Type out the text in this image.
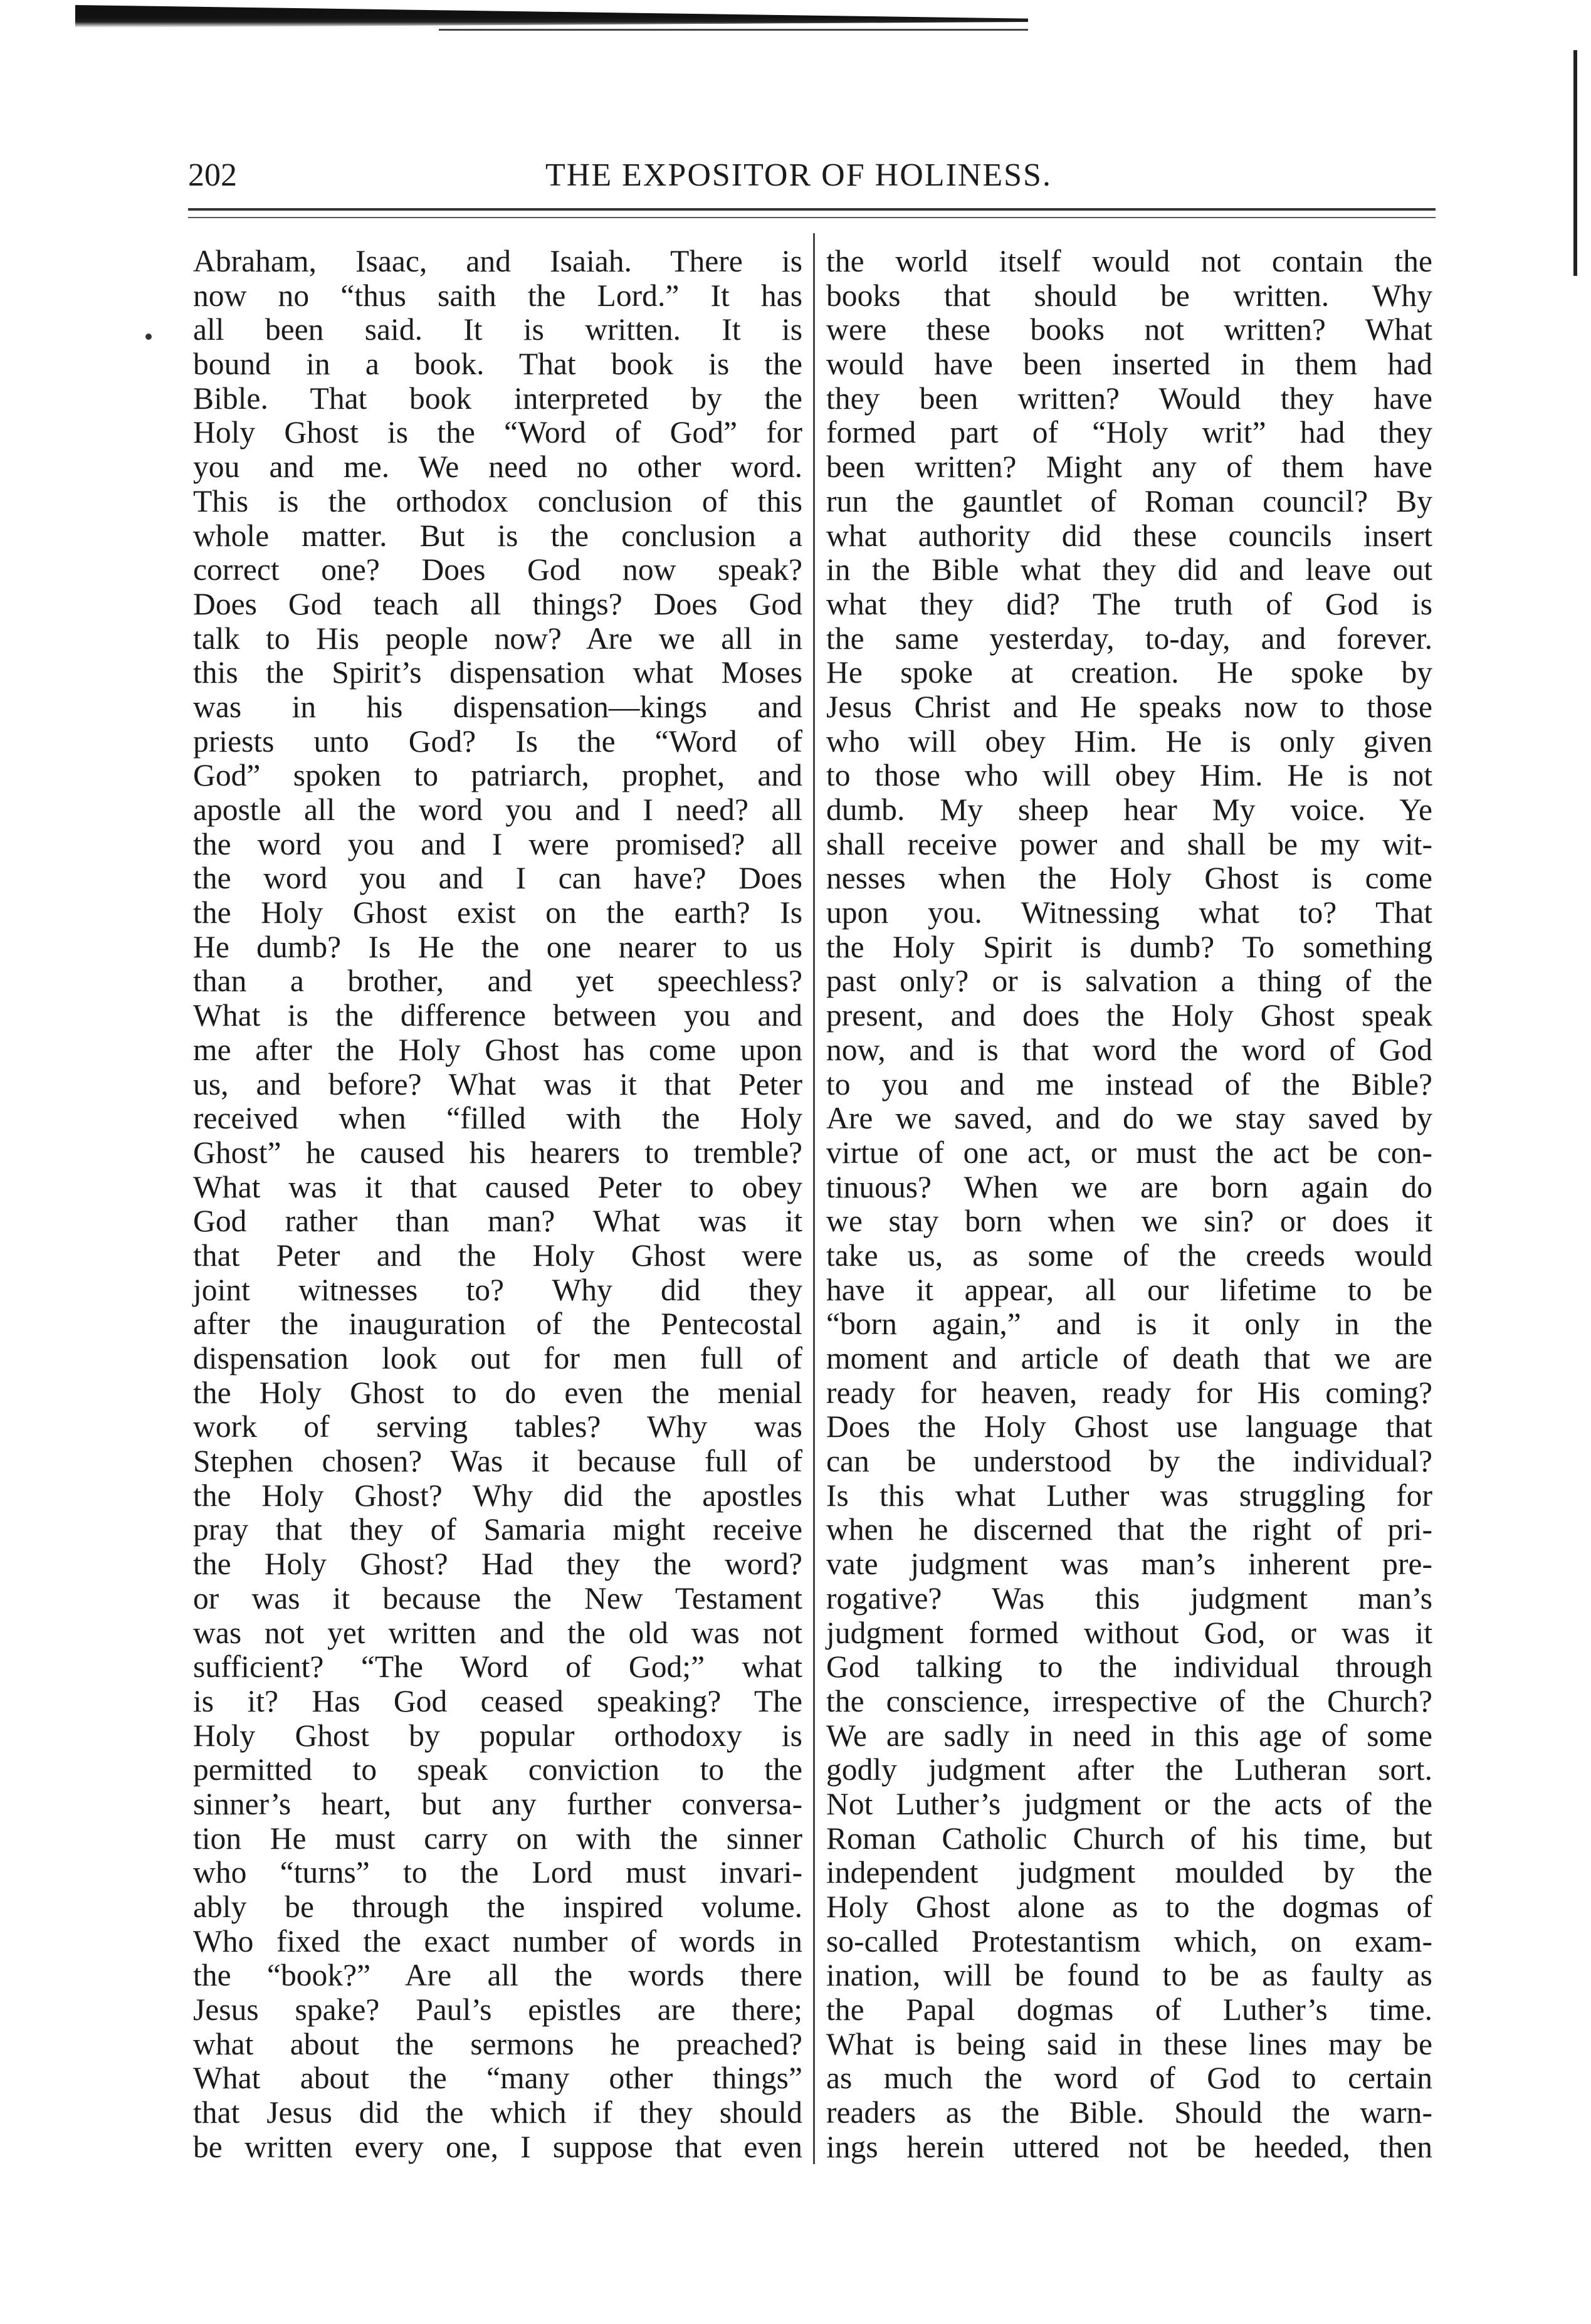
202	THE EXPOSITOR OF HOLINESS.
Abraham, Isaac, and Isaiah. There is
now no “thus saith the Lord.” It has
all been said. It is written. It is
bound in a book. That book is the
Bible. That book interpreted by the
Holy Ghost is the “Word of God” for
you and me. We need no other word.
This is the orthodox conclusion of this
whole matter. But is the conclusion a
correct one? Does God now speak?
Does God teach all things? Does God
talk to His people now? Are we all in
this the Spirit’s dispensation what Moses
was in his dispensation—kings and
priests unto God? Is the “Word of
God” spoken to patriarch, prophet, and
apostle all the word you and I need? all
the word you and I were promised? all
the word you and I can have? Does
the Holy Ghost exist on the earth? Is
He dumb? Is He the one nearer to us
than a brother, and yet speechless?
What is the difference between you and
me after the Holy Ghost has come upon
us, and before? What was it that Peter
received when “filled with the Holy
Ghost” he caused his hearers to tremble?
What was it that caused Peter to obey
God rather than man? What was it
that Peter and the Holy Ghost were
joint witnesses to? Why did they
after the inauguration of the Pentecostal
dispensation look out for men full of
the Holy Ghost to do even the menial
work of serving tables? Why was
Stephen chosen? Was it because full of
the Holy Ghost? Why did the apostles
pray that they of Samaria might receive
the Holy Ghost? Had they the word?
or was it because the New Testament
was not yet written and the old was not
sufficient? “The Word of God;” what
is it? Has God ceased speaking? The
Holy Ghost by popular orthodoxy is
permitted to speak conviction to the
sinner’s heart, but any further conversa-
tion He must carry on with the sinner
who “turns” to the Lord must invari-
ably be through the inspired volume.
Who fixed the exact number of words in
the “book?” Are all the words there
Jesus spake? Paul’s epistles are there;
what about the sermons he preached?
What about the “many other things”
that Jesus did the which if they should
be written every one, I suppose that even
the world itself would not contain the
books that should be written. Why
were these books not written? What
would have been inserted in them had
they been written? Would they have
formed part of “Holy writ” had they
been written? Might any of them have
run the gauntlet of Roman council? By
what authority did these councils insert
in the Bible what they did and leave out
what they did? The truth of God is
the same yesterday, to-day, and forever.
He spoke at creation. He spoke by
Jesus Christ and He speaks now to those
who will obey Him. He is only given
to those who will obey Him. He is not
dumb. My sheep hear My voice. Ye
shall receive power and shall be my wit-
nesses when the Holy Ghost is come
upon you. Witnessing what to? That
the Holy Spirit is dumb? To something
past only? or is salvation a thing of the
present, and does the Holy Ghost speak
now, and is that word the word of God
to you and me instead of the Bible?
Are we saved, and do we stay saved by
virtue of one act, or must the act be con-
tinuous? When we are born again do
we stay born when we sin? or does it
take us, as some of the creeds would
have it appear, all our lifetime to be
“born again,” and is it only in the
moment and article of death that we are
ready for heaven, ready for His coming?
Does the Holy Ghost use language that
can be understood by the individual?
Is this what Luther was struggling for
when he discerned that the right of pri-
vate judgment was man’s inherent pre-
rogative? Was this judgment man’s
judgment formed without God, or was it
God talking to the individual through
the conscience, irrespective of the Church?
We are sadly in need in this age of some
godly judgment after the Lutheran sort.
Not Luther’s judgment or the acts of the
Roman Catholic Church of his time, but
independent judgment moulded by the
Holy Ghost alone as to the dogmas of
so-called Protestantism which, on exam-
ination, will be found to be as faulty as
the Papal dogmas of Luther’s time.
What is being said in these lines may be
as much the word of God to certain
readers as the Bible. Should the warn-
ings herein uttered not be heeded, then
